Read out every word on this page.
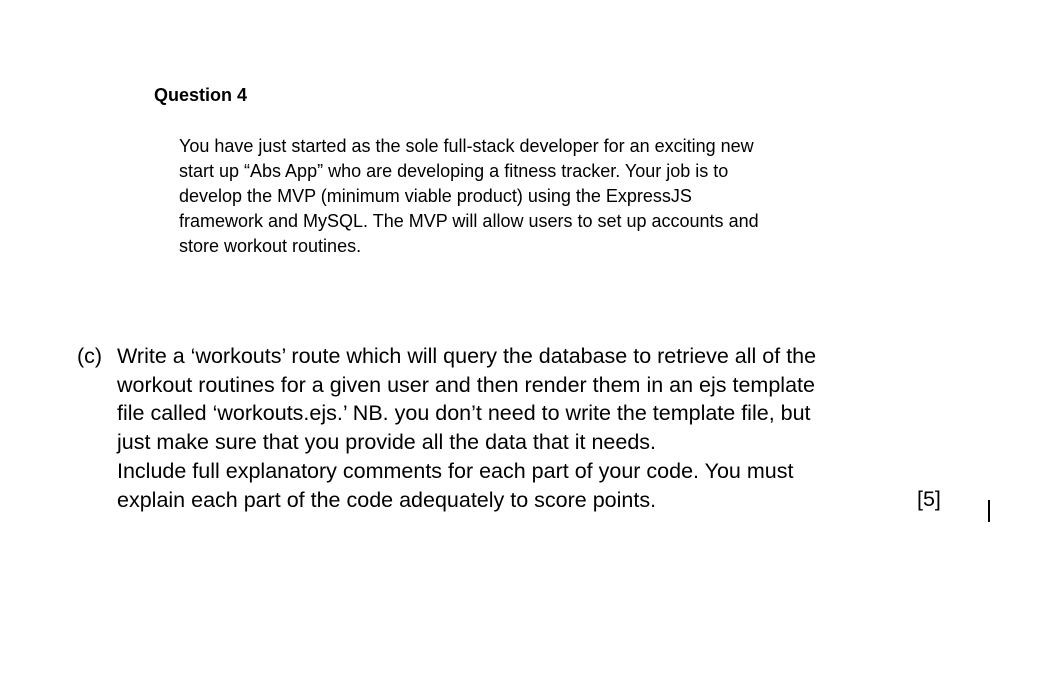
Question 4
You have just started as the sole full-stack developer for an exciting new
start up “Abs App” who are developing a fitness tracker. Your job is to
develop the MVP (minimum viable product) using the ExpressJS
framework and MySQL. The MVP will allow users to set up accounts and
store workout routines.
(c) Write a ‘workouts’ route which will query the database to retrieve all of the
workout routines for a given user and then render them in an ejs template
file called ‘workouts.ejs.’ NB. you don’t need to write the template file, but
just make sure that you provide all the data that it needs.
Include full explanatory comments for each part of your code. You must
explain each part of the code adequately to score points.	[5]
